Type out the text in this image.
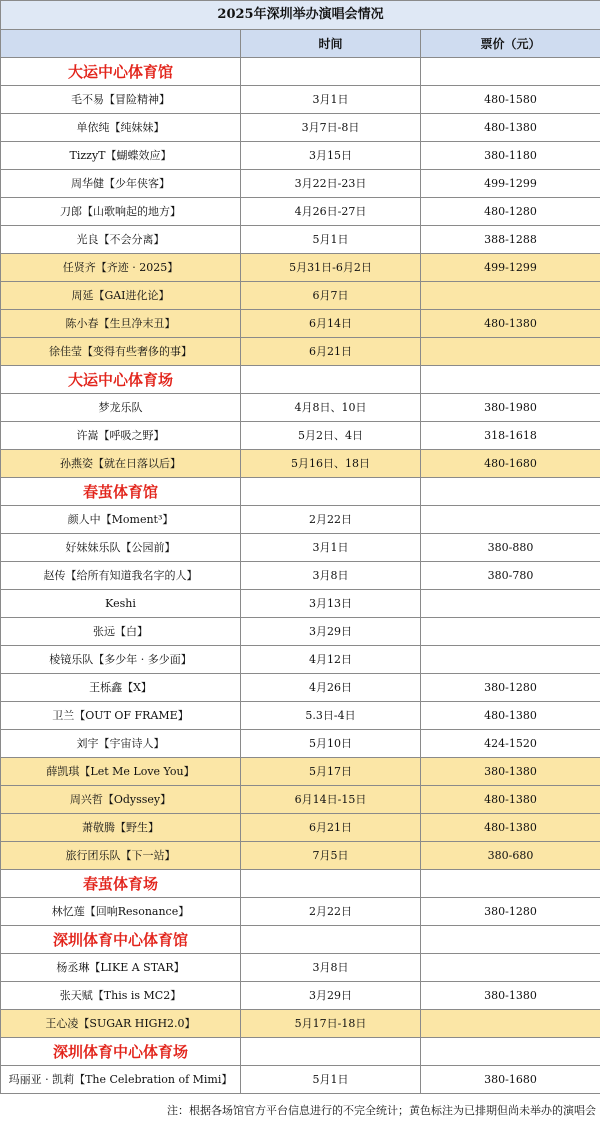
2025年深圳举办演唱会情况		
	时间	票价（元）
大运中心体育馆		
毛不易【冒险精神】	3月1日	480-1580
单依纯【纯妹妹】	3月7日-8日	480-1380
TizzyT【蝴蝶效应】	3月15日	380-1180
周华健【少年侠客】	3月22日-23日	499-1299
刀郎【山歌响起的地方】	4月26日-27日	480-1280
光良【不会分离】	5月1日	388-1288
任贤齐【齐迹 · 2025】	5月31日-6月2日	499-1299
周延【GAI进化论】	6月7日	
陈小春【生旦净末丑】	6月14日	480-1380
徐佳莹【变得有些奢侈的事】	6月21日	
大运中心体育场		
梦龙乐队	4月8日、10日	380-1980
许嵩【呼吸之野】	5月2日、4日	318-1618
孙燕姿【就在日落以后】	5月16日、18日	480-1680
春茧体育馆		
颜人中【Moment³】	2月22日	
好妹妹乐队【公园前】	3月1日	380-880
赵传【给所有知道我名字的人】	3月8日	380-780
Keshi	3月13日	
张远【白】	3月29日	
棱镜乐队【多少年 · 多少面】	4月12日	
王栎鑫【X】	4月26日	380-1280
卫兰【OUT OF FRAME】	5.3日-4日	480-1380
刘宇【宇宙诗人】	5月10日	424-1520
薛凯琪【Let Me Love You】	5月17日	380-1380
周兴哲【Odyssey】	6月14日-15日	480-1380
萧敬腾【野生】	6月21日	480-1380
旅行团乐队【下一站】	7月5日	380-680
春茧体育场		
林忆莲【回响Resonance】	2月22日	380-1280
深圳体育中心体育馆		
杨丞琳【LIKE A STAR】	3月8日	
张天赋【This is MC2】	3月29日	380-1380
王心凌【SUGAR HIGH2.0】	5月17日-18日	
深圳体育中心体育场		
玛丽亚 · 凯莉【The Celebration of Mimi】	5月1日	380-1680
注：根据各场馆官方平台信息进行的不完全统计；黄色标注为已排期但尚未举办的演唱会
